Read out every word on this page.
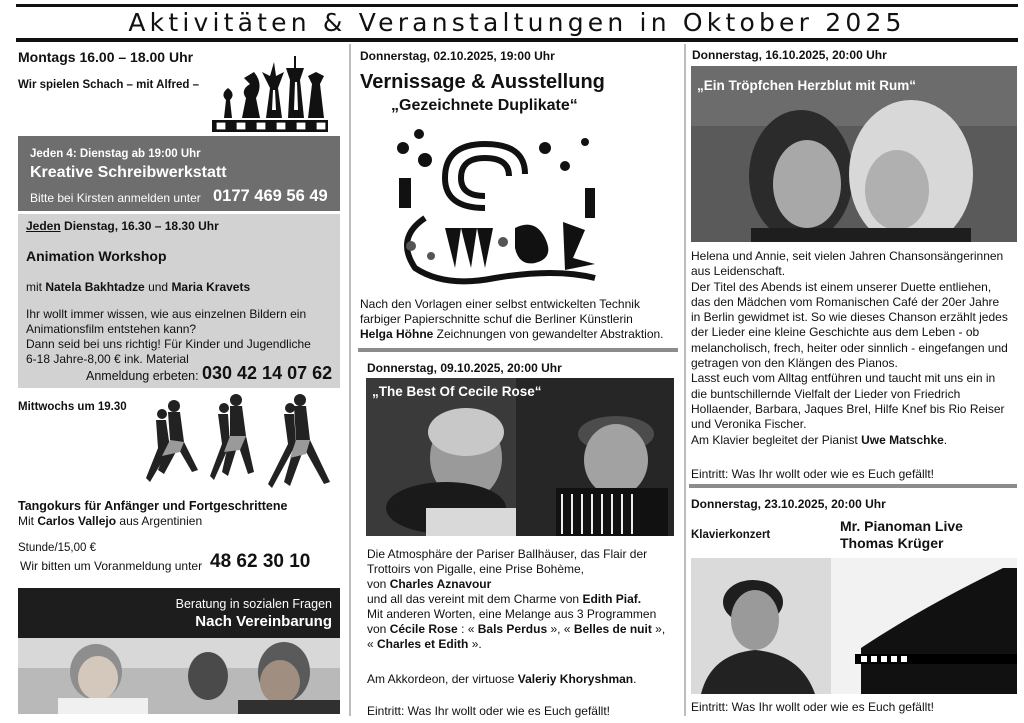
Aktivitäten & Veranstaltungen in Oktober 2025
Montags 16.00 – 18.00 Uhr
Wir spielen Schach – mit Alfred –
Jeden 4: Dienstag ab 19:00 Uhr
Kreative Schreibwerkstatt
Bitte bei Kirsten anmelden unter 0177 469 56 49
Jeden Dienstag, 16.30 – 18.30 Uhr
Animation Workshop
mit Natela Bakhtadze und Maria Kravets
Ihr wollt immer wissen, wie aus einzelnen Bildern ein
Animationsfilm entstehen kann?
Dann seid bei uns richtig! Für Kinder und Jugendliche
6-18 Jahre-8,00 € ink. Material
Anmeldung erbeten: 030 42 14 07 62
Mittwochs um 19.30
Tangokurs für Anfänger und Fortgeschrittene
Mit Carlos Vallejo aus Argentinien
Stunde/15,00 €
Wir bitten um Voranmeldung unter 48 62 30 10
Beratung in sozialen Fragen
Nach Vereinbarung
Donnerstag, 02.10.2025, 19:00 Uhr
Vernissage & Ausstellung
„Gezeichnete Duplikate“
Nach den Vorlagen einer selbst entwickelten Technik
farbiger Papierschnitte schuf die Berliner Künstlerin
Helga Höhne Zeichnungen von gewandelter Abstraktion.
Donnerstag, 09.10.2025, 20:00 Uhr
„The Best Of Cecile Rose“
Die Atmosphäre der Pariser Ballhäuser, das Flair der
Trottoirs von Pigalle, eine Prise Bohème,
von Charles Aznavour
und all das vereint mit dem Charme von Edith Piaf.
Mit anderen Worten, eine Melange aus 3 Programmen
von Cécile Rose : « Bals Perdus », « Belles de nuit »,
« Charles et Edith ».
Am Akkordeon, der virtuose Valeriy Khoryshman.
Eintritt: Was Ihr wollt oder wie es Euch gefällt!
Donnerstag, 16.10.2025, 20:00 Uhr
„Ein Tröpfchen Herzblut mit Rum“
Helena und Annie, seit vielen Jahren Chansonsängerinnen
aus Leidenschaft.
Der Titel des Abends ist einem unserer Duette entliehen,
das den Mädchen vom Romanischen Café der 20er Jahre
in Berlin gewidmet ist. So wie dieses Chanson erzählt jedes
der Lieder eine kleine Geschichte aus dem Leben - ob
melancholisch, frech, heiter oder sinnlich - eingefangen und
getragen von den Klängen des Pianos.
Lasst euch vom Alltag entführen und taucht mit uns ein in
die buntschillernde Vielfalt der Lieder von Friedrich
Hollaender, Barbara, Jaques Brel, Hilfe Knef bis Rio Reiser
und Veronika Fischer.
Am Klavier begleitet der Pianist Uwe Matschke.
Eintritt: Was Ihr wollt oder wie es Euch gefällt!
Donnerstag, 23.10.2025, 20:00 Uhr
Klavierkonzert
Mr. Pianoman Live
Thomas Krüger
Eintritt: Was Ihr wollt oder wie es Euch gefällt!
